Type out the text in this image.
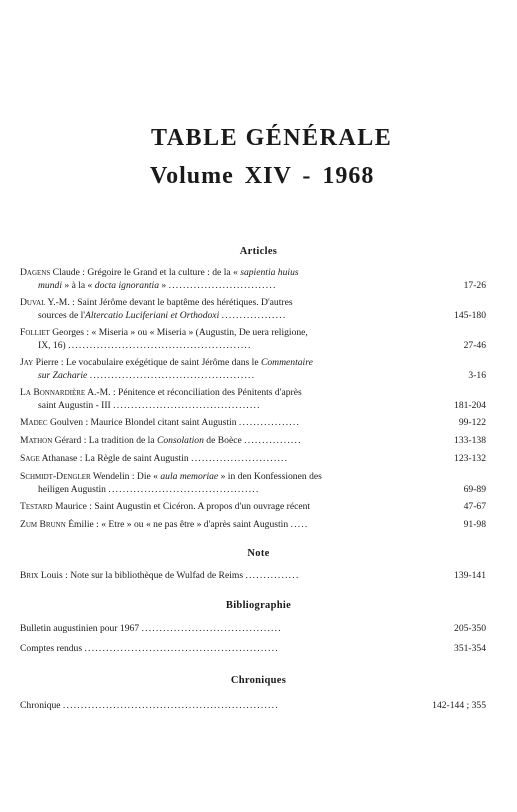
TABLE GÉNÉRALE
Volume XIV - 1968
Articles
Dagens Claude : Grégoire le Grand et la culture : de la « sapientia huius
mundi » à la « docta ignorantia » ..............................	17-26
Duval Y.-M. : Saint Jérôme devant le baptême des hérétiques. D'autres
sources de l'Altercatio Luciferiani et Orthodoxi ..................	145-180
Folliet Georges : « Miseria » ou « Miseria » (Augustin, De uera religione,
IX, 16) ...................................................	27-46
Jay Pierre : Le vocabulaire exégétique de saint Jérôme dans le Commentaire
sur Zacharie ..............................................	3-16
La Bonnardière A.-M. : Pénitence et réconciliation des Pénitents d'après
saint Augustin - III .........................................	181-204
Madec Goulven : Maurice Blondel citant saint Augustin .................	99-122
Mathon Gérard : La tradition de la Consolation de Boèce ................	133-138
Sage Athanase : La Règle de saint Augustin ...........................	123-132
Schmidt-Dengler Wendelin : Die « aula memoriae » in den Konfessionen des
heiligen Augustin ..........................................	69-89
Testard Maurice : Saint Augustin et Cicéron. A propos d'un ouvrage récent	47-67
Zum Brunn Émilie : « Etre » ou « ne pas être » d'après saint Augustin .....	91-98
Note
Brix Louis : Note sur la bibliothèque de Wulfad de Reims ...............	139-141
Bibliographie
Bulletin augustinien pour 1967 .......................................	205-350
Comptes rendus ......................................................	351-354
Chroniques
Chronique ............................................................	142-144 ; 355
